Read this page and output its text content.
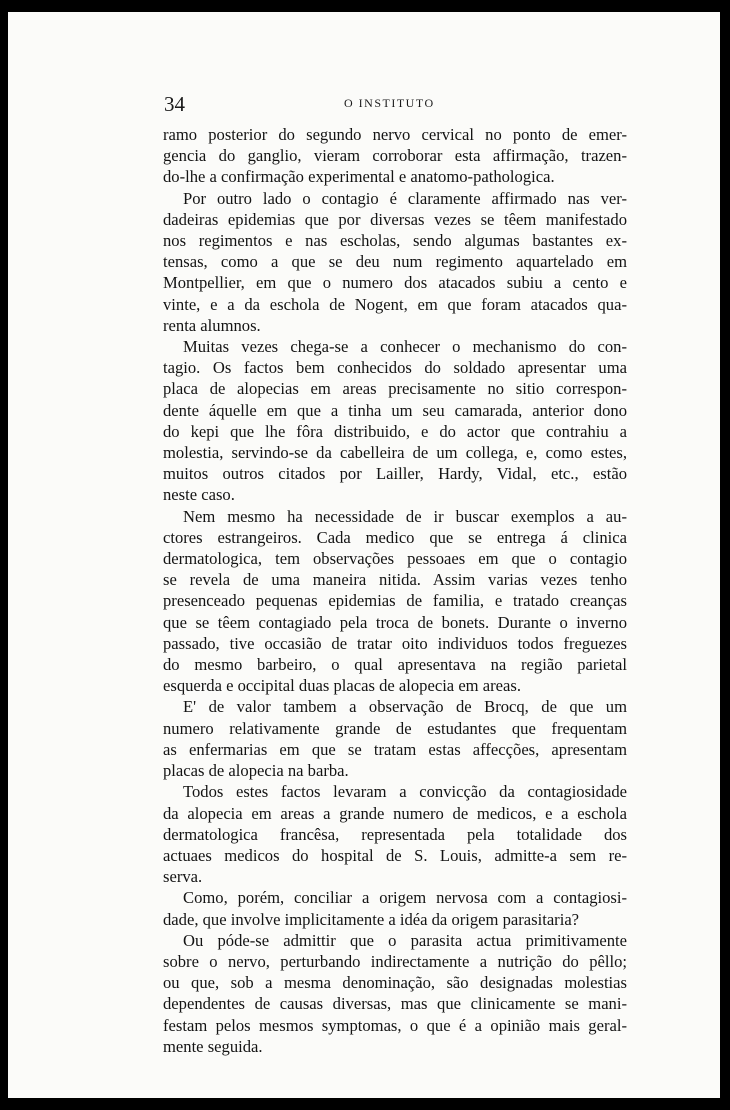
34	O INSTITUTO
ramo posterior do segundo nervo cervical no ponto de emer-
gencia do ganglio, vieram corroborar esta affirmação, trazen-
do-lhe a confirmação experimental e anatomo-pathologica.
Por outro lado o contagio é claramente affirmado nas ver-
dadeiras epidemias que por diversas vezes se têem manifestado
nos regimentos e nas escholas, sendo algumas bastantes ex-
tensas, como a que se deu num regimento aquartelado em
Montpellier, em que o numero dos atacados subiu a cento e
vinte, e a da eschola de Nogent, em que foram atacados qua-
renta alumnos.
Muitas vezes chega-se a conhecer o mechanismo do con-
tagio. Os factos bem conhecidos do soldado apresentar uma
placa de alopecias em areas precisamente no sitio correspon-
dente áquelle em que a tinha um seu camarada, anterior dono
do kepi que lhe fôra distribuido, e do actor que contrahiu a
molestia, servindo-se da cabelleira de um collega, e, como estes,
muitos outros citados por Lailler, Hardy, Vidal, etc., estão
neste caso.
Nem mesmo ha necessidade de ir buscar exemplos a au-
ctores estrangeiros. Cada medico que se entrega á clinica
dermatologica, tem observações pessoaes em que o contagio
se revela de uma maneira nitida. Assim varias vezes tenho
presenceado pequenas epidemias de familia, e tratado creanças
que se têem contagiado pela troca de bonets. Durante o inverno
passado, tive occasião de tratar oito individuos todos freguezes
do mesmo barbeiro, o qual apresentava na região parietal
esquerda e occipital duas placas de alopecia em areas.
E' de valor tambem a observação de Brocq, de que um
numero relativamente grande de estudantes que frequentam
as enfermarias em que se tratam estas affecções, apresentam
placas de alopecia na barba.
Todos estes factos levaram a convicção da contagiosidade
da alopecia em areas a grande numero de medicos, e a eschola
dermatologica francêsa, representada pela totalidade dos
actuaes medicos do hospital de S. Louis, admitte-a sem re-
serva.
Como, porém, conciliar a origem nervosa com a contagiosi-
dade, que involve implicitamente a idéa da origem parasitaria?
Ou póde-se admittir que o parasita actua primitivamente
sobre o nervo, perturbando indirectamente a nutrição do pêllo;
ou que, sob a mesma denominação, são designadas molestias
dependentes de causas diversas, mas que clinicamente se mani-
festam pelos mesmos symptomas, o que é a opinião mais geral-
mente seguida.
